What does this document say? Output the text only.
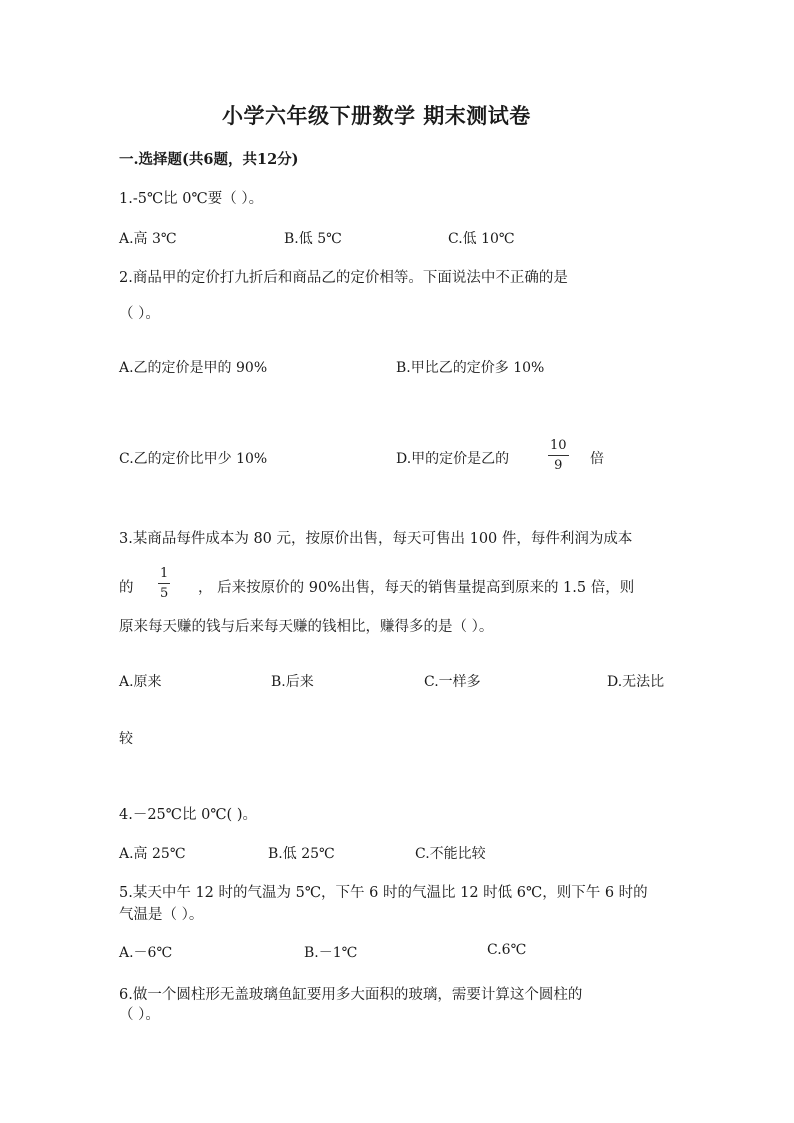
小学六年级下册数学 期末测试卷
一.选择题(共6题，共12分)
1.-5℃比 0℃要（ ）。
A.高 3℃	B.低 5℃	C.低 10℃
2.商品甲的定价打九折后和商品乙的定价相等。下面说法中不正确的是
（ ）。
A.乙的定价是甲的 90%	B.甲比乙的定价多 10%
C.乙的定价比甲少 10%	D.甲的定价是乙的
10
9 倍
3.某商品每件成本为 80 元，按原价出售，每天可售出 100 件，每件利润为成本
的
1
5 ， 后来按原价的 90%出售，每天的销售量提高到原来的 1.5 倍，则
原来每天赚的钱与后来每天赚的钱相比，赚得多的是（ ）。
A.原来	B.后来	C.一样多	D.无法比
较
4.－25℃比 0℃( )。
A.高 25℃	B.低 25℃	C.不能比较
5.某天中午 12 时的气温为 5℃，下午 6 时的气温比 12 时低 6℃，则下午 6 时的
气温是（ ）。
A.－6℃	B.－1℃	C.6℃
6.做一个圆柱形无盖玻璃鱼缸要用多大面积的玻璃，需要计算这个圆柱的
（ ）。
